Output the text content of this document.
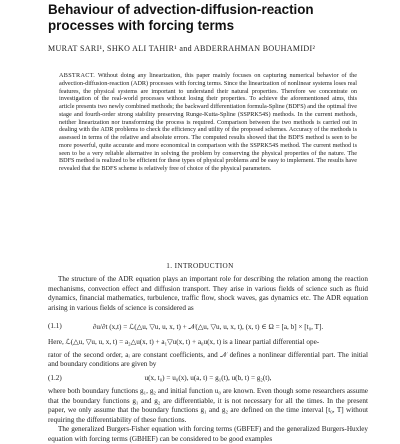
Behaviour of advection-diffusion-reaction processes with forcing terms
MURAT SARI¹, SHKO ALI TAHIR¹ and ABDERRAHMAN BOUHAMIDI²
ABSTRACT. Without doing any linearization, this paper mainly focuses on capturing numerical behavior of the advection-diffusion-reaction (ADR) processes with forcing terms. Since the linearization of nonlinear systems loses real features, the physical systems are important to understand their natural properties. Therefore we concentrate on investigation of the real-world processes without losing their properties. To achieve the aforementioned aims, this article presents two newly combined methods; the backward differentiation formula-Spline (BDFS) and the optimal five stage and fourth-order strong stability preserving Runge-Kutta-Spline (SSPRK54S) methods. In the current methods, neither linearization nor transforming the process is required. Comparison between the two methods is carried out in dealing with the ADR problems to check the efficiency and utility of the proposed schemes. Accuracy of the methods is assessed in terms of the relative and absolute errors. The computed results showed that the BDFS method is seen to be more powerful, quite accurate and more economical in comparison with the SSPRK54S method. The current method is seen to be a very reliable alternative in solving the problem by conserving the physical properties of the nature. The BDFS method is realized to be efficient for these types of physical problems and be easy to implement. The results have revealed that the BDFS scheme is relatively free of choice of the physical parameters.
1. INTRODUCTION
The structure of the ADR equation plays an important role for describing the relation among the reaction mechanisms, convection effect and diffusion transport. They arise in various fields of science such as fluid dynamics, financial mathematics, turbulence, traffic flow, shock waves, gas dynamics etc. The ADR equation arising in various fields of science is considered as
(1.1)	∂u/∂t (x,t) = ℒ(△u, ▽u, u, x, t) + 𝒩(△u, ▽u, u, x, t), (x, t) ∈ Ω = [a, b] × [t₀, T].
Here, ℒ(△u, ▽u, u, x, t) = a₂△u(x, t) + a₁▽u(x, t) + a₀u(x, t) is a linear partial differential ope-
rator of the second order, aᵢ are constant coefficients, and 𝒩 defines a nonlinear differential part. The initial and boundary conditions are given by
(1.2)	u(x, t₀) = u₀(x), u(a, t) = g₁(t), u(b, t) = g₂(t),
where both boundary functions g₁, g₂ and initial function u₀ are known. Even though some researchers assume that the boundary functions g₁ and g₂ are differentiable, it is not necessary for all the times. In the present paper, we only assume that the boundary functions g₁ and g₂ are defined on the time interval [t₀, T] without requiring the differentiability of these functions.
The generalized Burgers-Fisher equation with forcing terms (GBFEF) and the generalized Burgers-Huxley equation with forcing terms (GBHEF) can be considered to be good examples
